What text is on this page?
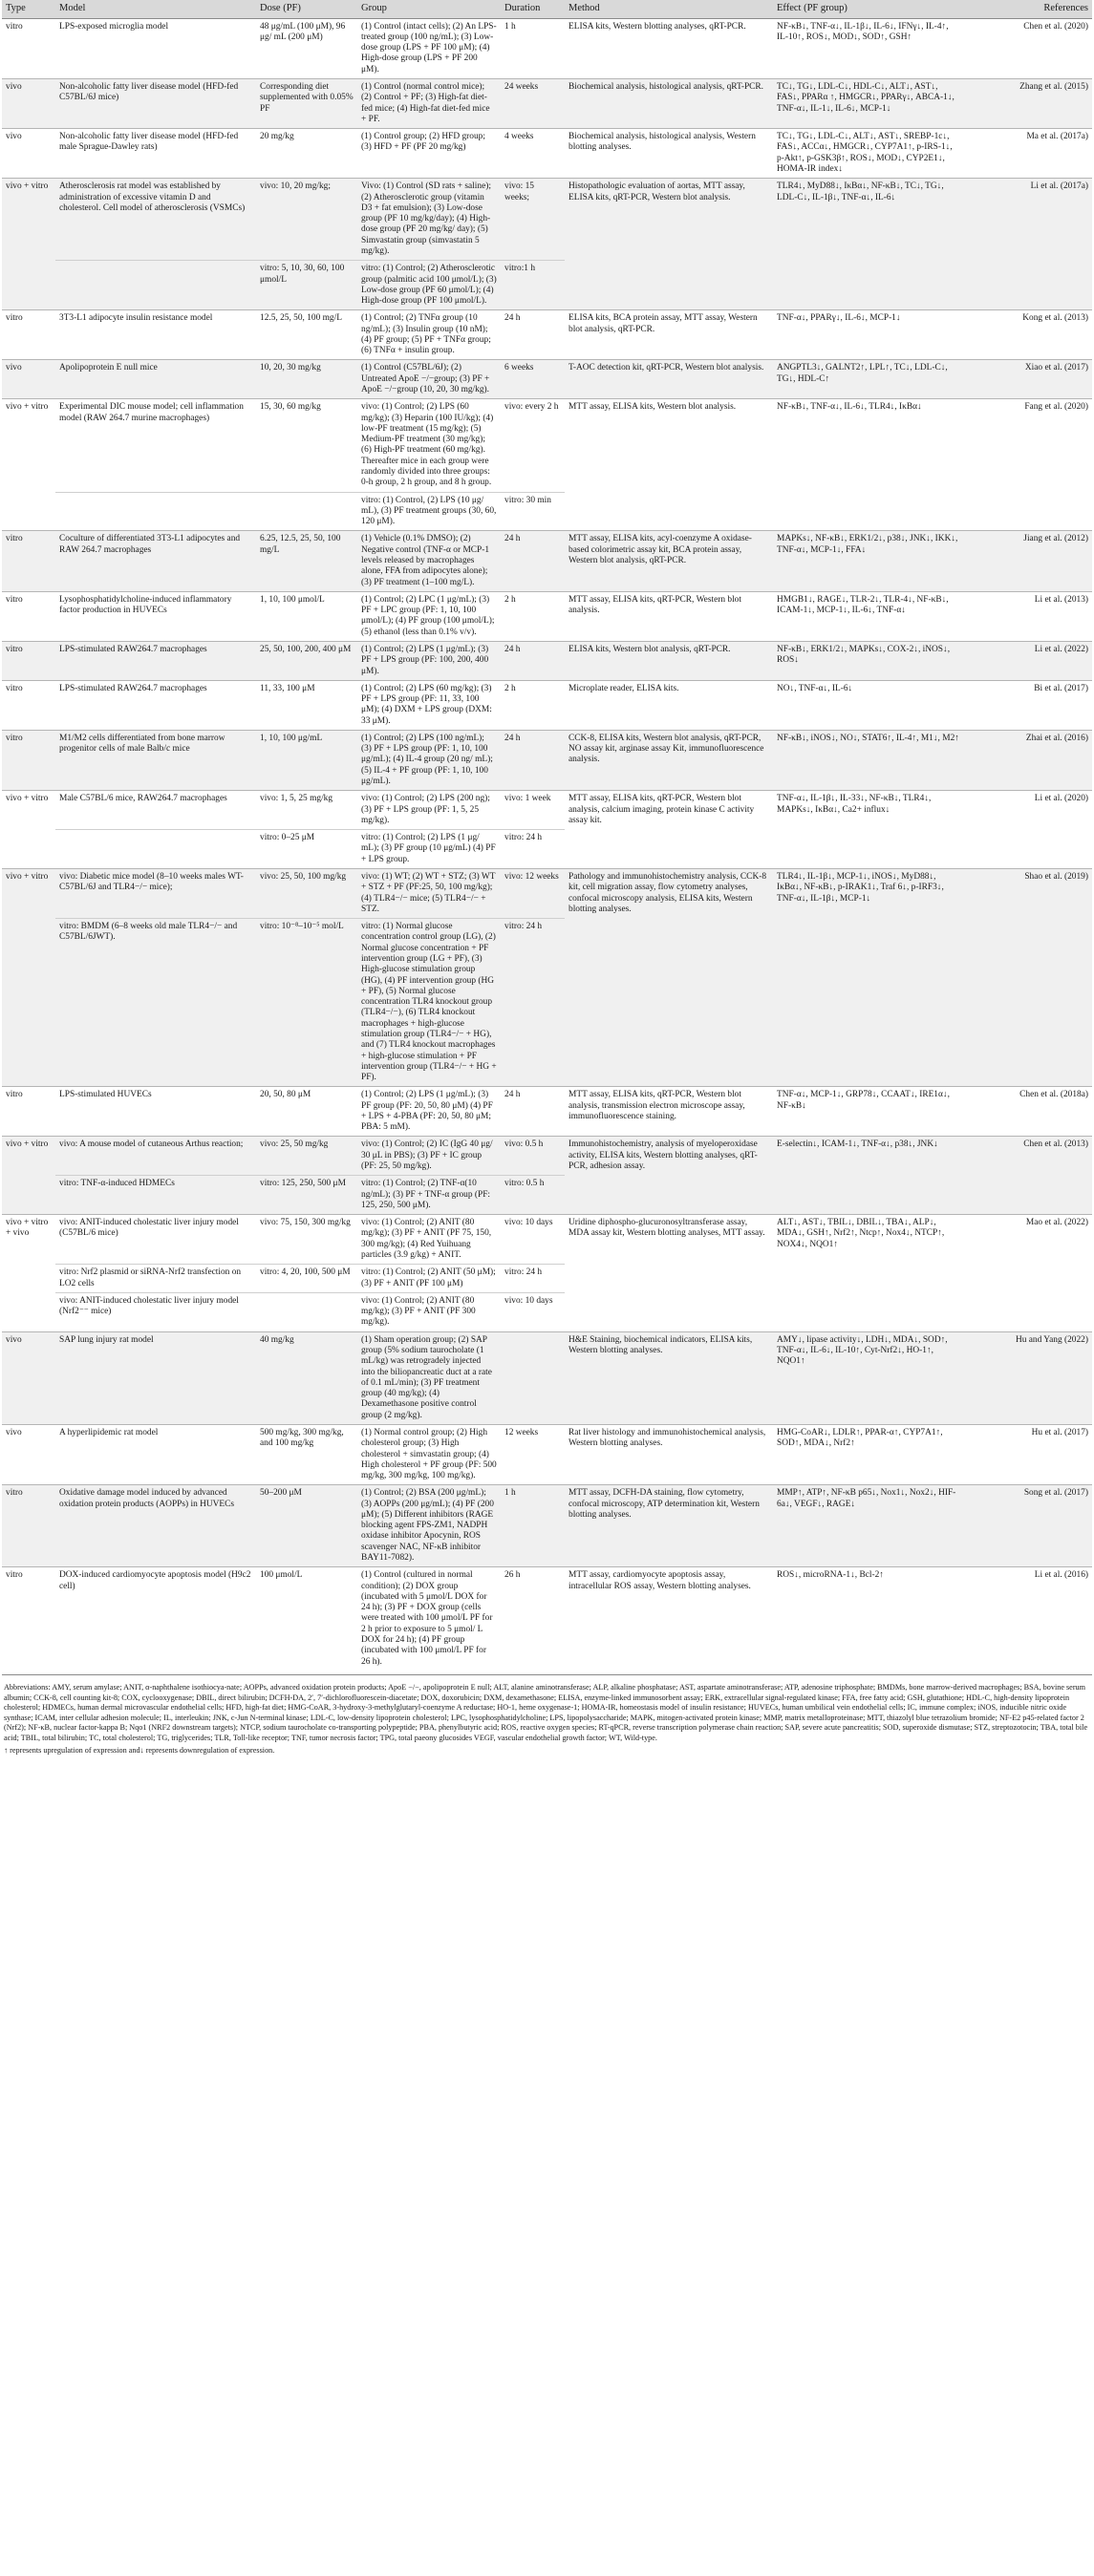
Type	Model	Dose (PF)	Group	Duration	Method	Effect (PF group)	References
vitro	LPS-exposed microglia model	48 μg/mL (100 μM), 96 μg/ mL (200 μM)	(1) Control (intact cells); (2) An LPS-treated group (100 ng/mL); (3) Low-dose group (LPS + PF 100 μM); (4) High-dose group (LPS + PF 200 μM).	1 h	ELISA kits, Western blotting analyses, qRT-PCR.	NF-κB↓, TNF-α↓, IL-1β↓, IL-6↓, IFNγ↓, IL-4↑, IL-10↑, ROS↓, MOD↓, SOD↑, GSH↑	Chen et al. (2020)
vivo	Non-alcoholic fatty liver disease model (HFD-fed C57BL/6J mice)	Corresponding diet supplemented with 0.05% PF	(1) Control (normal control mice); (2) Control + PF; (3) High-fat diet-fed mice; (4) High-fat diet-fed mice + PF.	24 weeks	Biochemical analysis, histological analysis, qRT-PCR.	TC↓, TG↓, LDL-C↓, HDL-C↓, ALT↓, AST↓, FAS↓, PPARα ↑, HMGCR↓, PPARγ↓, ABCA-1↓, TNF-α↓, IL-1↓, IL-6↓, MCP-1↓	Zhang et al. (2015)
vivo	Non-alcoholic fatty liver disease model (HFD-fed male Sprague-Dawley rats)	20 mg/kg	(1) Control group; (2) HFD group; (3) HFD + PF (PF 20 mg/kg)	4 weeks	Biochemical analysis, histological analysis, Western blotting analyses.	TC↓, TG↓, LDL-C↓, ALT↓, AST↓, SREBP-1c↓, FAS↓, ACCα↓, HMGCR↓, CYP7A1↑, p-IRS-1↓, p-Akt↑, p-GSK3β↑, ROS↓, MOD↓, CYP2E1↓, HOMA-IR index↓	Ma et al. (2017a)
vivo + vitro	Atherosclerosis rat model was established by administration of excessive vitamin D and cholesterol. Cell model of atherosclerosis (VSMCs)	vivo: 10, 20 mg/kg;	Vivo: (1) Control (SD rats + saline); (2) Atherosclerotic group (vitamin D3 + fat emulsion); (3) Low-dose group (PF 10 mg/kg/day); (4) High-dose group (PF 20 mg/kg/ day); (5) Simvastatin group (simvastatin 5 mg/kg).	vivo: 15 weeks;	Histopathologic evaluation of aortas, MTT assay, ELISA kits, qRT-PCR, Western blot analysis.	TLR4↓, MyD88↓, IκBα↓, NF-κB↓, TC↓, TG↓, LDL-C↓, IL-1β↓, TNF-α↓, IL-6↓	Li et al. (2017a)
		vitro: 5, 10, 30, 60, 100 μmol/L	vitro: (1) Control; (2) Atherosclerotic group (palmitic acid 100 μmol/L); (3) Low-dose group (PF 60 μmol/L); (4) High-dose group (PF 100 μmol/L).	vitro:1 h			
vitro	3T3-L1 adipocyte insulin resistance model	12.5, 25, 50, 100 mg/L	(1) Control; (2) TNFα group (10 ng/mL); (3) Insulin group (10 nM); (4) PF group; (5) PF + TNFα group; (6) TNFα + insulin group.	24 h	ELISA kits, BCA protein assay, MTT assay, Western blot analysis, qRT-PCR.	TNF-α↓, PPARγ↓, IL-6↓, MCP-1↓	Kong et al. (2013)
vivo	Apolipoprotein E null mice	10, 20, 30 mg/kg	(1) Control (C57BL/6J); (2) Untreated ApoE −/−group; (3) PF + ApoE −/−group (10, 20, 30 mg/kg).	6 weeks	T-AOC detection kit, qRT-PCR, Western blot analysis.	ANGPTL3↓, GALNT2↑, LPL↑, TC↓, LDL-C↓, TG↓, HDL-C↑	Xiao et al. (2017)
vivo + vitro	Experimental DIC mouse model; cell inflammation model (RAW 264.7 murine macrophages)	15, 30, 60 mg/kg	vivo: (1) Control; (2) LPS (60 mg/kg); (3) Heparin (100 IU/kg); (4) low-PF treatment (15 mg/kg); (5) Medium-PF treatment (30 mg/kg); (6) High-PF treatment (60 mg/kg). Thereafter mice in each group were randomly divided into three groups: 0-h group, 2 h group, and 8 h group.	vivo: every 2 h	MTT assay, ELISA kits, Western blot analysis.	NF-κB↓, TNF-α↓, IL-6↓, TLR4↓, IκBα↓	Fang et al. (2020)
			vitro: (1) Control, (2) LPS (10 μg/ mL), (3) PF treatment groups (30, 60, 120 μM).	vitro: 30 min			
vitro	Coculture of differentiated 3T3-L1 adipocytes and RAW 264.7 macrophages	6.25, 12.5, 25, 50, 100 mg/L	(1) Vehicle (0.1% DMSO); (2) Negative control (TNF-α or MCP-1 levels released by macrophages alone, FFA from adipocytes alone); (3) PF treatment (1–100 mg/L).	24 h	MTT assay, ELISA kits, acyl-coenzyme A oxidase-based colorimetric assay kit, BCA protein assay, Western blot analysis, qRT-PCR.	MAPKs↓, NF-κB↓, ERK1/2↓, p38↓, JNK↓, IKK↓, TNF-α↓, MCP-1↓, FFA↓	Jiang et al. (2012)
vitro	Lysophosphatidylcholine-induced inflammatory factor production in HUVECs	1, 10, 100 μmol/L	(1) Control; (2) LPC (1 μg/mL); (3) PF + LPC group (PF: 1, 10, 100 μmol/L); (4) PF group (100 μmol/L); (5) ethanol (less than 0.1% v/v).	2 h	MTT assay, ELISA kits, qRT-PCR, Western blot analysis.	HMGB1↓, RAGE↓, TLR-2↓, TLR-4↓, NF-κB↓, ICAM-1↓, MCP-1↓, IL-6↓, TNF-α↓	Li et al. (2013)
vitro	LPS-stimulated RAW264.7 macrophages	25, 50, 100, 200, 400 μM	(1) Control; (2) LPS (1 μg/mL); (3) PF + LPS group (PF: 100, 200, 400 μM).	24 h	ELISA kits, Western blot analysis, qRT-PCR.	NF-κB↓, ERK1/2↓, MAPKs↓, COX-2↓, iNOS↓, ROS↓	Li et al. (2022)
vitro	LPS-stimulated RAW264.7 macrophages	11, 33, 100 μM	(1) Control; (2) LPS (60 mg/kg); (3) PF + LPS group (PF: 11, 33, 100 μM); (4) DXM + LPS group (DXM: 33 μM).	2 h	Microplate reader, ELISA kits.	NO↓, TNF-α↓, IL-6↓	Bi et al. (2017)
vitro	M1/M2 cells differentiated from bone marrow progenitor cells of male Balb/c mice	1, 10, 100 μg/mL	(1) Control; (2) LPS (100 ng/mL); (3) PF + LPS group (PF: 1, 10, 100 μg/mL); (4) IL-4 group (20 ng/ mL); (5) IL-4 + PF group (PF: 1, 10, 100 μg/mL).	24 h	CCK-8, ELISA kits, Western blot analysis, qRT-PCR, NO assay kit, arginase assay Kit, immunofluorescence analysis.	NF-κB↓, iNOS↓, NO↓, STAT6↑, IL-4↑, M1↓, M2↑	Zhai et al. (2016)
vivo + vitro	Male C57BL/6 mice, RAW264.7 macrophages	vivo: 1, 5, 25 mg/kg	vivo: (1) Control; (2) LPS (200 ng); (3) PF + LPS group (PF: 1, 5, 25 mg/kg).	vivo: 1 week	MTT assay, ELISA kits, qRT-PCR, Western blot analysis, calcium imaging, protein kinase C activity assay kit.	TNF-α↓, IL-1β↓, IL-33↓, NF-κB↓, TLR4↓, MAPKs↓, IκBα↓, Ca2+ influx↓	Li et al. (2020)
		vitro: 0–25 μM	vitro: (1) Control; (2) LPS (1 μg/ mL); (3) PF group (10 μg/mL) (4) PF + LPS group.	vitro: 24 h			
vivo + vitro	vivo: Diabetic mice model (8–10 weeks males WT- C57BL/6J and TLR4−/− mice);	vivo: 25, 50, 100 mg/kg	vivo: (1) WT; (2) WT + STZ; (3) WT + STZ + PF (PF:25, 50, 100 mg/kg); (4) TLR4−/− mice; (5) TLR4−/− + STZ.	vivo: 12 weeks	Pathology and immunohistochemistry analysis, CCK-8 kit, cell migration assay, flow cytometry analyses, confocal microscopy analysis, ELISA kits, Western blotting analyses.	TLR4↓, IL-1β↓, MCP-1↓, iNOS↓, MyD88↓, IκBα↓, NF-κB↓, p-IRAK1↓, Traf 6↓, p-IRF3↓, TNF-α↓, IL-1β↓, MCP-1↓	Shao et al. (2019)
	vitro: BMDM (6–8 weeks old male TLR4−/− and C57BL/6JWT).	vitro: 10⁻⁸–10⁻⁵ mol/L	vitro: (1) Normal glucose concentration control group (LG), (2) Normal glucose concentration + PF intervention group (LG + PF), (3) High-glucose stimulation group (HG), (4) PF intervention group (HG + PF), (5) Normal glucose concentration TLR4 knockout group (TLR4−/−), (6) TLR4 knockout macrophages + high-glucose stimulation group (TLR4−/− + HG), and (7) TLR4 knockout macrophages + high-glucose stimulation + PF intervention group (TLR4−/− + HG + PF).	vitro: 24 h			
vitro	LPS-stimulated HUVECs	20, 50, 80 μM	(1) Control; (2) LPS (1 μg/mL); (3) PF group (PF: 20, 50, 80 μM) (4) PF + LPS + 4-PBA (PF: 20, 50, 80 μM; PBA: 5 mM).	24 h	MTT assay, ELISA kits, qRT-PCR, Western blot analysis, transmission electron microscope assay, immunofluorescence staining.	TNF-α↓, MCP-1↓, GRP78↓, CCAAT↓, IRE1α↓, NF-κB↓	Chen et al. (2018a)
vivo + vitro	vivo: A mouse model of cutaneous Arthus reaction;	vivo: 25, 50 mg/kg	vivo: (1) Control; (2) IC (IgG 40 μg/ 30 μL in PBS); (3) PF + IC group (PF: 25, 50 mg/kg).	vivo: 0.5 h	Immunohistochemistry, analysis of myeloperoxidase activity, ELISA kits, Western blotting analyses, qRT-PCR, adhesion assay.	E-selectin↓, ICAM-1↓, TNF-α↓, p38↓, JNK↓	Chen et al. (2013)
	vitro: TNF-α-induced HDMECs	vitro: 125, 250, 500 μM	vitro: (1) Control; (2) TNF-α(10 ng/mL); (3) PF + TNF-α group (PF: 125, 250, 500 μM).	vitro: 0.5 h			
vivo + vitro + vivo	vivo: ANIT-induced cholestatic liver injury model (C57BL/6 mice)	vivo: 75, 150, 300 mg/kg	vivo: (1) Control; (2) ANIT (80 mg/kg); (3) PF + ANIT (PF 75, 150, 300 mg/kg); (4) Red Yuihuang particles (3.9 g/kg) + ANIT.	vivo: 10 days	Uridine diphospho-glucuronosyltransferase assay, MDA assay kit, Western blotting analyses, MTT assay.	ALT↓, AST↓, TBIL↓, DBIL↓, TBA↓, ALP↓, MDA↓, GSH↑, Nrf2↑, Ntcp↑, Nox4↓, NTCP↑, NOX4↓, NQO1↑	Mao et al. (2022)
	vitro: Nrf2 plasmid or siRNA-Nrf2 transfection on LO2 cells	vitro: 4, 20, 100, 500 μM	vitro: (1) Control; (2) ANIT (50 μM); (3) PF + ANIT (PF 100 μM)	vitro: 24 h			
	vivo: ANIT-induced cholestatic liver injury model (Nrf2⁻⁻ mice)		vivo: (1) Control; (2) ANIT (80 mg/kg); (3) PF + ANIT (PF 300 mg/kg).	vivo: 10 days			
vivo	SAP lung injury rat model	40 mg/kg	(1) Sham operation group; (2) SAP group (5% sodium taurocholate (1 mL/kg) was retrogradely injected into the biliopancreatic duct at a rate of 0.1 mL/min); (3) PF treatment group (40 mg/kg); (4) Dexamethasone positive control group (2 mg/kg).		H&E Staining, biochemical indicators, ELISA kits, Western blotting analyses.	AMY↓, lipase activity↓, LDH↓, MDA↓, SOD↑, TNF-α↓, IL-6↓, IL-10↑, Cyt-Nrf2↓, HO-1↑, NQO1↑	Hu and Yang (2022)
vivo	A hyperlipidemic rat model	500 mg/kg, 300 mg/kg, and 100 mg/kg	(1) Normal control group; (2) High cholesterol group; (3) High cholesterol + simvastatin group; (4) High cholesterol + PF group (PF: 500 mg/kg, 300 mg/kg, 100 mg/kg).	12 weeks	Rat liver histology and immunohistochemical analysis, Western blotting analyses.	HMG-CoAR↓, LDLR↑, PPAR-α↑, CYP7A1↑, SOD↑, MDA↓, Nrf2↑	Hu et al. (2017)
vitro	Oxidative damage model induced by advanced oxidation protein products (AOPPs) in HUVECs	50–200 μM	(1) Control; (2) BSA (200 μg/mL); (3) AOPPs (200 μg/mL); (4) PF (200 μM); (5) Different inhibitors (RAGE blocking agent FPS-ZM1, NADPH oxidase inhibitor Apocynin, ROS scavenger NAC, NF-κB inhibitor BAY11-7082).	1 h	MTT assay, DCFH-DA staining, flow cytometry, confocal microscopy, ATP determination kit, Western blotting analyses.	MMP↑, ATP↑, NF-κB p65↓, Nox1↓, Nox2↓, HIF-6a↓, VEGF↓, RAGE↓	Song et al. (2017)
vitro	DOX-induced cardiomyocyte apoptosis model (H9c2 cell)	100 μmol/L	(1) Control (cultured in normal condition); (2) DOX group (incubated with 5 μmol/L DOX for 24 h); (3) PF + DOX group (cells were treated with 100 μmol/L PF for 2 h prior to exposure to 5 μmol/ L DOX for 24 h); (4) PF group (incubated with 100 μmol/L PF for 26 h).	26 h	MTT assay, cardiomyocyte apoptosis assay, intracellular ROS assay, Western blotting analyses.	ROS↓, microRNA-1↓, Bcl-2↑	Li et al. (2016)

Abbreviations: AMY, serum amylase; ANIT, α-naphthalene isothiocya-nate; AOPPs, advanced oxidation protein products; ApoE −/−, apolipoprotein E null; ALT, alanine aminotransferase; ALP, alkaline phosphatase; AST, aspartate aminotransferase; ATP, adenosine triphosphate; BMDMs, bone marrow-derived macrophages; BSA, bovine serum albumin; CCK-8, cell counting kit-8; COX, cyclooxygenase; DBIL, direct bilirubin; DCFH-DA, 2′, 7′-dichlorofluorescein-diacetate; DOX, doxorubicin; DXM, dexamethasone; ELISA, enzyme-linked immunosorbent assay; ERK, extracellular signal-regulated kinase; FFA, free fatty acid; GSH, glutathione; HDL-C, high-density lipoprotein cholesterol; HDMECs, human dermal microvascular endothelial cells; HFD, high-fat diet; HMG-CoAR, 3-hydroxy-3-methylglutaryl-coenzyme A reductase; HO-1, heme oxygenase-1; HOMA-IR, homeostasis model of insulin resistance; HUVECs, human umbilical vein endothelial cells; IC, immune complex; iNOS, inducible nitric oxide synthase; ICAM, inter cellular adhesion molecule; IL, interleukin; JNK, c-Jun N-terminal kinase; LDL-C, low-density lipoprotein cholesterol; LPC, lysophosphatidylcholine; LPS, lipopolysaccharide; MAPK, mitogen-activated protein kinase; MMP, matrix metalloproteinase; MTT, thiazolyl blue tetrazolium bromide; NF-E2 p45-related factor 2 (Nrf2); NF-κB, nuclear factor-kappa B; Nqo1 (NRF2 downstream targets); NTCP, sodium taurocholate co-transporting polypeptide; PBA, phenylbutyric acid; ROS, reactive oxygen species; RT-qPCR, reverse transcription polymerase chain reaction; SAP, severe acute pancreatitis; SOD, superoxide dismutase; STZ, streptozotocin; TBA, total bile acid; TBIL, total bilirubin; TC, total cholesterol; TG, triglycerides; TLR, Toll-like receptor; TNF, tumor necrosis factor; TPG, total paeony glucosides VEGF, vascular endothelial growth factor; WT, Wild-type.

↑ represents upregulation of expression and↓ represents downregulation of expression.
